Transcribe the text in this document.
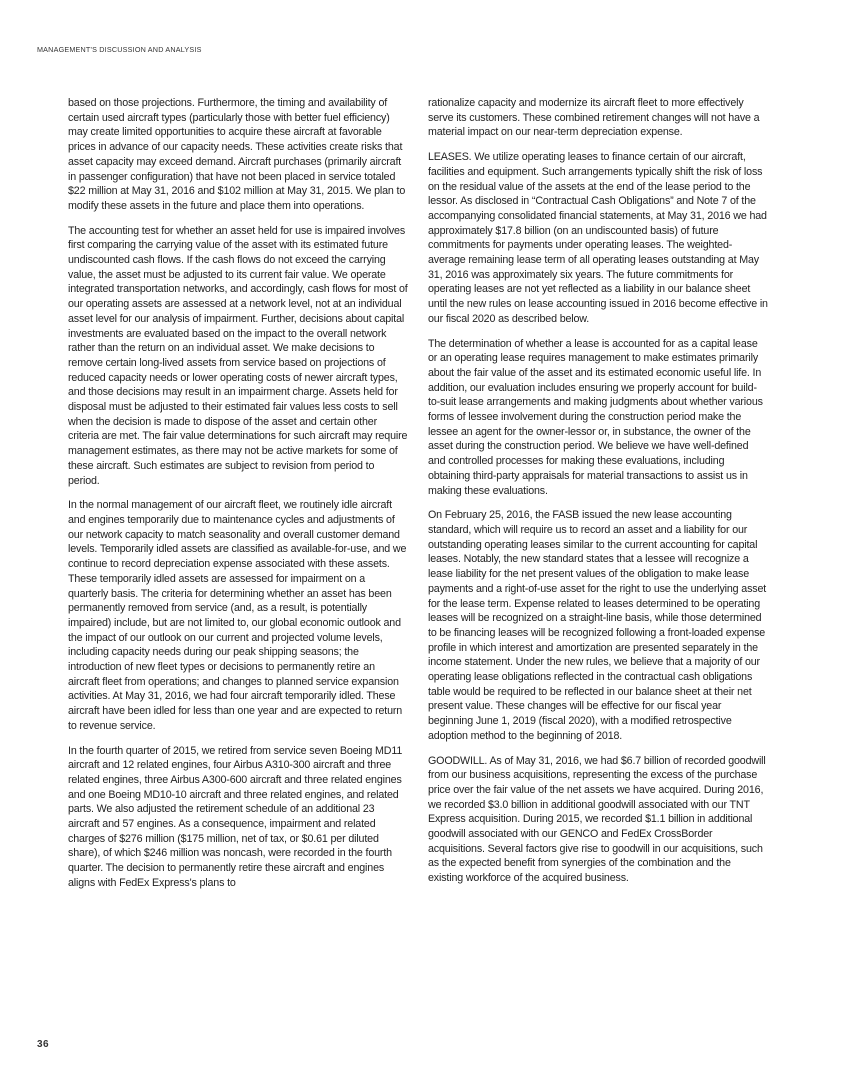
MANAGEMENT'S DISCUSSION AND ANALYSIS

based on those projections. Furthermore, the timing and availability of certain used aircraft types (particularly those with better fuel efficiency) may create limited opportunities to acquire these aircraft at favorable prices in advance of our capacity needs. These activities create risks that asset capacity may exceed demand. Aircraft purchases (primarily aircraft in passenger configuration) that have not been placed in service totaled $22 million at May 31, 2016 and $102 million at May 31, 2015. We plan to modify these assets in the future and place them into operations.

The accounting test for whether an asset held for use is impaired involves first comparing the carrying value of the asset with its estimated future undiscounted cash flows. If the cash flows do not exceed the carrying value, the asset must be adjusted to its current fair value. We operate integrated transportation networks, and accordingly, cash flows for most of our operating assets are assessed at a network level, not at an individual asset level for our analysis of impairment. Further, decisions about capital investments are evaluated based on the impact to the overall network rather than the return on an individual asset. We make decisions to remove certain long-lived assets from service based on projections of reduced capacity needs or lower operating costs of newer aircraft types, and those decisions may result in an impairment charge. Assets held for disposal must be adjusted to their estimated fair values less costs to sell when the decision is made to dispose of the asset and certain other criteria are met. The fair value determinations for such aircraft may require management estimates, as there may not be active markets for some of these aircraft. Such estimates are subject to revision from period to period.

In the normal management of our aircraft fleet, we routinely idle aircraft and engines temporarily due to maintenance cycles and adjustments of our network capacity to match seasonality and overall customer demand levels. Temporarily idled assets are classified as available-for-use, and we continue to record depreciation expense associated with these assets. These temporarily idled assets are assessed for impairment on a quarterly basis. The criteria for determining whether an asset has been permanently removed from service (and, as a result, is potentially impaired) include, but are not limited to, our global economic outlook and the impact of our outlook on our current and projected volume levels, including capacity needs during our peak shipping seasons; the introduction of new fleet types or decisions to permanently retire an aircraft fleet from operations; and changes to planned service expansion activities. At May 31, 2016, we had four aircraft temporarily idled. These aircraft have been idled for less than one year and are expected to return to revenue service.

In the fourth quarter of 2015, we retired from service seven Boeing MD11 aircraft and 12 related engines, four Airbus A310-300 aircraft and three related engines, three Airbus A300-600 aircraft and three related engines and one Boeing MD10-10 aircraft and three related engines, and related parts. We also adjusted the retirement schedule of an additional 23 aircraft and 57 engines. As a consequence, impairment and related charges of $276 million ($175 million, net of tax, or $0.61 per diluted share), of which $246 million was noncash, were recorded in the fourth quarter. The decision to permanently retire these aircraft and engines aligns with FedEx Express's plans to

rationalize capacity and modernize its aircraft fleet to more effectively serve its customers. These combined retirement changes will not have a material impact on our near-term depreciation expense.

LEASES. We utilize operating leases to finance certain of our aircraft, facilities and equipment. Such arrangements typically shift the risk of loss on the residual value of the assets at the end of the lease period to the lessor. As disclosed in “Contractual Cash Obligations” and Note 7 of the accompanying consolidated financial statements, at May 31, 2016 we had approximately $17.8 billion (on an undiscounted basis) of future commitments for payments under operating leases. The weighted-average remaining lease term of all operating leases outstanding at May 31, 2016 was approximately six years. The future commitments for operating leases are not yet reflected as a liability in our balance sheet until the new rules on lease accounting issued in 2016 become effective in our fiscal 2020 as described below.

The determination of whether a lease is accounted for as a capital lease or an operating lease requires management to make estimates primarily about the fair value of the asset and its estimated economic useful life. In addition, our evaluation includes ensuring we properly account for build-to-suit lease arrangements and making judgments about whether various forms of lessee involvement during the construction period make the lessee an agent for the owner-lessor or, in substance, the owner of the asset during the construction period. We believe we have well-defined and controlled processes for making these evaluations, including obtaining third-party appraisals for material transactions to assist us in making these evaluations.

On February 25, 2016, the FASB issued the new lease accounting standard, which will require us to record an asset and a liability for our outstanding operating leases similar to the current accounting for capital leases. Notably, the new standard states that a lessee will recognize a lease liability for the net present values of the obligation to make lease payments and a right-of-use asset for the right to use the underlying asset for the lease term. Expense related to leases determined to be operating leases will be recognized on a straight-line basis, while those determined to be financing leases will be recognized following a front-loaded expense profile in which interest and amortization are presented separately in the income statement. Under the new rules, we believe that a majority of our operating lease obligations reflected in the contractual cash obligations table would be required to be reflected in our balance sheet at their net present value. These changes will be effective for our fiscal year beginning June 1, 2019 (fiscal 2020), with a modified retrospective adoption method to the beginning of 2018.

GOODWILL. As of May 31, 2016, we had $6.7 billion of recorded goodwill from our business acquisitions, representing the excess of the purchase price over the fair value of the net assets we have acquired. During 2016, we recorded $3.0 billion in additional goodwill associated with our TNT Express acquisition. During 2015, we recorded $1.1 billion in additional goodwill associated with our GENCO and FedEx CrossBorder acquisitions. Several factors give rise to goodwill in our acquisitions, such as the expected benefit from synergies of the combination and the existing workforce of the acquired business.

36
